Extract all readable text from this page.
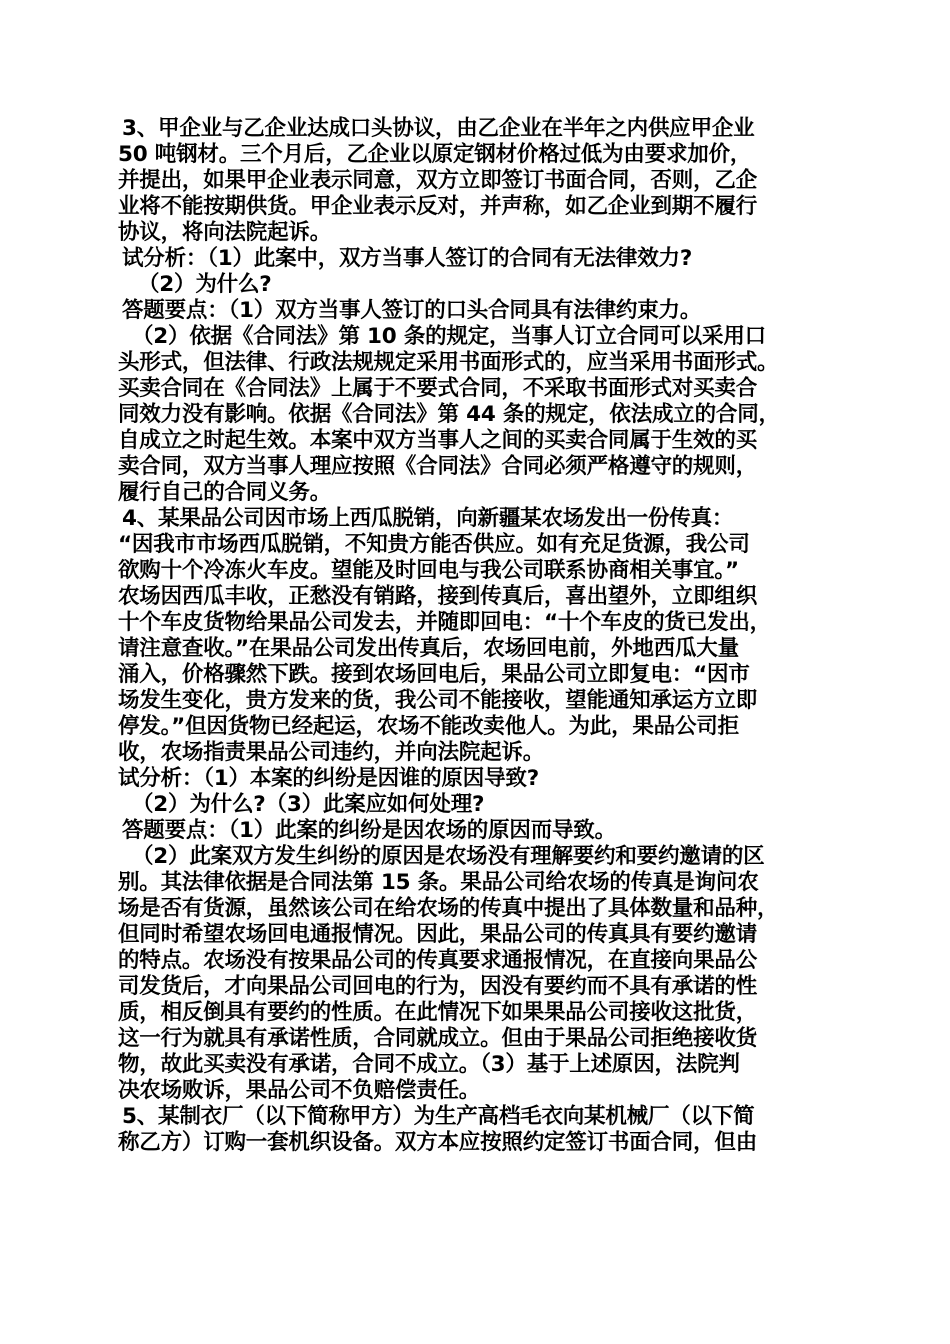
3、甲企业与乙企业达成口头协议，由乙企业在半年之内供应甲企业
50 吨钢材。三个月后，乙企业以原定钢材价格过低为由要求加价，
并提出，如果甲企业表示同意，双方立即签订书面合同，否则，乙企
业将不能按期供货。甲企业表示反对，并声称，如乙企业到期不履行
协议，将向法院起诉。
试分析：（1）此案中，双方当事人签订的合同有无法律效力?
（2）为什么?
答题要点：（1）双方当事人签订的口头合同具有法律约束力。
（2）依据《合同法》第 10 条的规定，当事人订立合同可以采用口
头形式，但法律、行政法规规定采用书面形式的，应当采用书面形式。
买卖合同在《合同法》上属于不要式合同，不采取书面形式对买卖合
同效力没有影响。依据《合同法》第 44 条的规定，依法成立的合同，
自成立之时起生效。本案中双方当事人之间的买卖合同属于生效的买
卖合同，双方当事人理应按照《合同法》合同必须严格遵守的规则，
履行自己的合同义务。
4、某果品公司因市场上西瓜脱销，向新疆某农场发出一份传真：
“因我市市场西瓜脱销，不知贵方能否供应。如有充足货源，我公司
欲购十个冷冻火车皮。望能及时回电与我公司联系协商相关事宜。”
农场因西瓜丰收，正愁没有销路，接到传真后，喜出望外，立即组织
十个车皮货物给果品公司发去，并随即回电：“十个车皮的货已发出，
请注意查收。”在果品公司发出传真后，农场回电前，外地西瓜大量
涌入，价格骤然下跌。接到农场回电后，果品公司立即复电：“因市
场发生变化，贵方发来的货，我公司不能接收，望能通知承运方立即
停发。”但因货物已经起运，农场不能改卖他人。为此，果品公司拒
收，农场指责果品公司违约，并向法院起诉。
试分析：（1）本案的纠纷是因谁的原因导致?
（2）为什么?（3）此案应如何处理?
答题要点：（1）此案的纠纷是因农场的原因而导致。
（2）此案双方发生纠纷的原因是农场没有理解要约和要约邀请的区
别。其法律依据是合同法第 15 条。果品公司给农场的传真是询问农
场是否有货源，虽然该公司在给农场的传真中提出了具体数量和品种，
但同时希望农场回电通报情况。因此，果品公司的传真具有要约邀请
的特点。农场没有按果品公司的传真要求通报情况，在直接向果品公
司发货后，才向果品公司回电的行为，因没有要约而不具有承诺的性
质，相反倒具有要约的性质。在此情况下如果果品公司接收这批货，
这一行为就具有承诺性质，合同就成立。但由于果品公司拒绝接收货
物，故此买卖没有承诺，合同不成立。（3）基于上述原因，法院判
决农场败诉，果品公司不负赔偿责任。
5、某制衣厂（以下简称甲方）为生产高档毛衣向某机械厂（以下简
称乙方）订购一套机织设备。双方本应按照约定签订书面合同，但由
